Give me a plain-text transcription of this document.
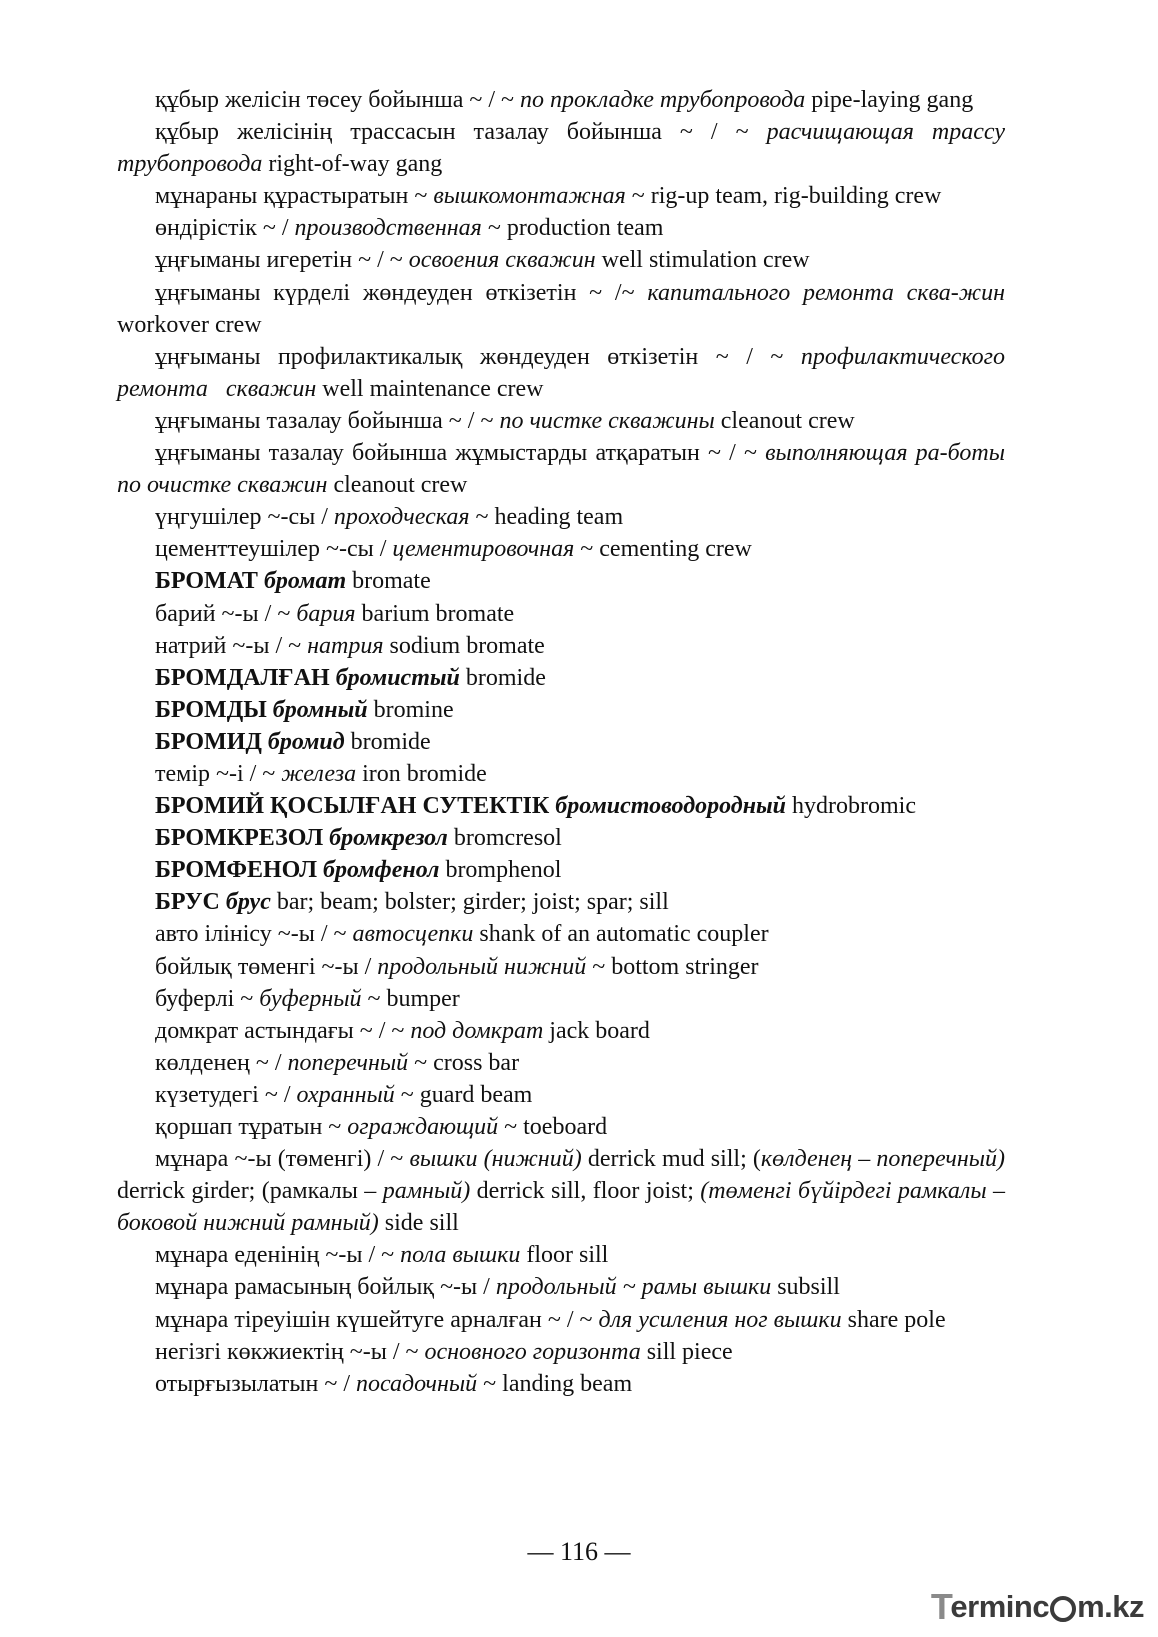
құбыр желісін төсеу бойынша ~ / ~ по прокладке трубопровода pipe-laying gang

құбыр желісінің трассасын тазалау бойынша ~ / ~ расчищающая трассу трубопровода right-of-way gang

мұнараны құрастыратын ~ вышкомонтажная ~ rig-up team, rig-building crew

өндірістік ~ / производственная ~ production team

ұңғыманы игеретін ~ / ~ освоения скважин well stimulation crew

ұңғыманы күрделі жөндеуден өткізетін ~ /~ капитального ремонта сква-жин workover crew

ұңғыманы профилактикалық жөндеуден өткізетін ~ / ~ профилактического ремонта   скважин well maintenance crew

ұңғыманы тазалау бойынша ~ / ~ по чистке скважины cleanout crew

ұңғыманы тазалау бойынша жұмыстарды атқаратын ~ / ~ выполняющая ра-боты по очистке скважин cleanout crew

үңгушілер ~-сы / проходческая ~ heading team

цементтеушілер ~-сы / цементировочная ~ cementing crew

БРОМАТ бромат bromate

барий ~-ы / ~ бария barium bromate

натрий ~-ы / ~ натрия sodium bromate

БРОМДАЛҒАН бромистый bromide

БРОМДЫ бромный bromine

БРОМИД бромид bromide

темір ~-і / ~ железа iron bromide

БРОМИЙ ҚОСЫЛҒАН СУТЕКТІК бромистоводородный hydrobromic

БРОМКРЕЗОЛ бромкрезол bromcresol

БРОМФЕНОЛ бромфенол bromphenol

БРУС брус bar; beam; bolster; girder; joist; spar; sill

авто ілінісу ~-ы / ~ автосцепки shank of an automatic coupler

бойлық төменгі ~-ы / продольный нижний ~ bottom stringer

буферлі ~ буферный ~ bumper

домкрат астындағы ~ / ~ под домкрат jack board

көлденең ~ / поперечный ~ cross bar

күзетудегі ~ / охранный ~ guard beam

қоршап тұратын ~ ограждающий ~ toeboard

мұнара ~-ы (төменгі) / ~ вышки (нижний) derrick mud sill; (көлденең – поперечный) derrick girder; (рамкалы – рамный) derrick sill, floor joist; (төменгі бүйірдегі рамкалы – боковой нижний рамный) side sill

мұнара еденінің ~-ы / ~ пола вышки floor sill

мұнара рамасының бойлық ~-ы / продольный ~ рамы вышки subsill

мұнара тіреуішін күшейтуге арналған ~ / ~ для усиления ног вышки share pole

негізгі көкжиектің ~-ы / ~ основного горизонта sill piece

отырғызылатын ~ / посадочный ~ landing beam

— 116 —
T
ermin c m.kz
